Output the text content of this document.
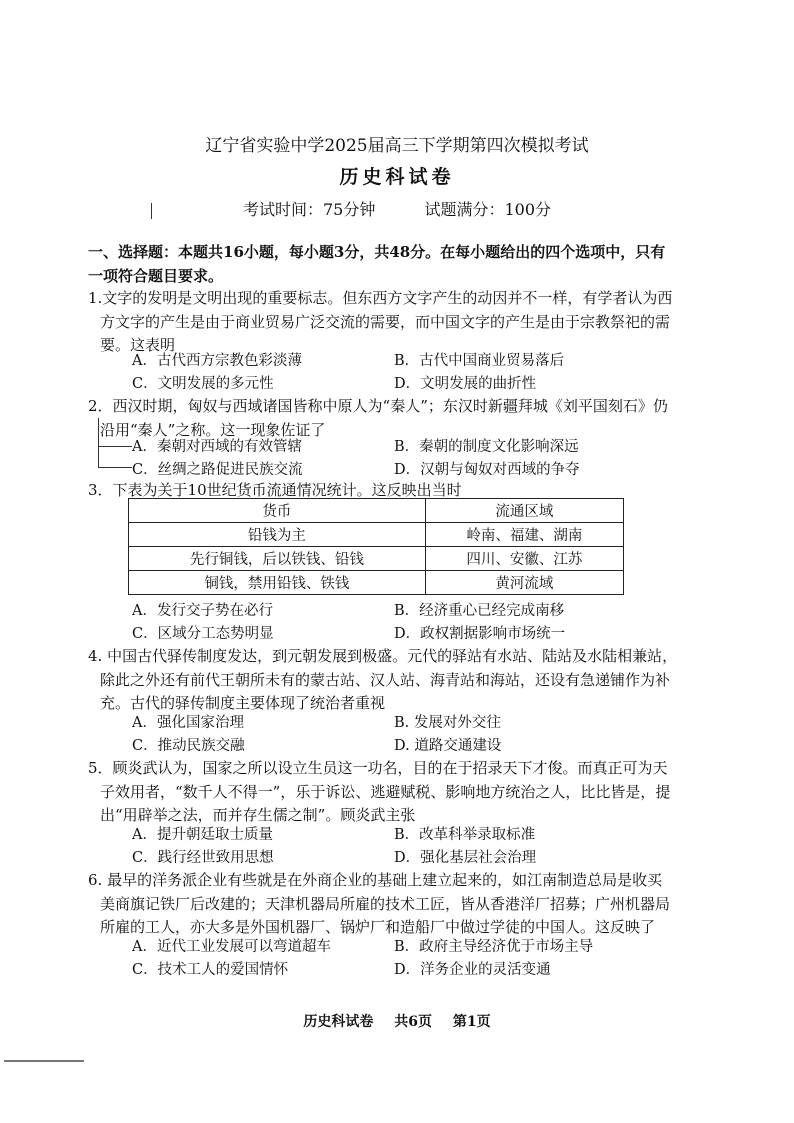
辽宁省实验中学2025届高三下学期第四次模拟考试
历史科试卷
考试时间：75分钟	试题满分：100分
一、选择题：本题共16小题，每小题3分，共48分。在每小题给出的四个选项中，只有
一项符合题目要求。
1.文字的发明是文明出现的重要标志。但东西方文字产生的动因并不一样，有学者认为西
方文字的产生是由于商业贸易广泛交流的需要，而中国文字的产生是由于宗教祭祀的需
要。这表明
A．古代西方宗教色彩淡薄	B．古代中国商业贸易落后
C．文明发展的多元性	D．文明发展的曲折性
2．西汉时期，匈奴与西域诸国皆称中原人为“秦人”；东汉时新疆拜城《刘平国刻石》仍
沿用“秦人”之称。这一现象佐证了
A．秦朝对西域的有效管辖	B．秦朝的制度文化影响深远
C．丝绸之路促进民族交流	D．汉朝与匈奴对西域的争夺
3．下表为关于10世纪货币流通情况统计。这反映出当时
货币	流通区域
铅钱为主	岭南、福建、湖南
先行铜钱，后以铁钱、铅钱	四川、安徽、江苏
铜钱，禁用铅钱、铁钱	黄河流域
A．发行交子势在必行	B．经济重心已经完成南移
C．区域分工态势明显	D．政权割据影响市场统一
4. 中国古代驿传制度发达，到元朝发展到极盛。元代的驿站有水站、陆站及水陆相兼站，
除此之外还有前代王朝所未有的蒙古站、汉人站、海青站和海站，还设有急递铺作为补
充。古代的驿传制度主要体现了统治者重视
A．强化国家治理	B. 发展对外交往
C．推动民族交融	D. 道路交通建设
5．顾炎武认为，国家之所以设立生员这一功名，目的在于招录天下才俊。而真正可为天
子效用者，“数千人不得一”，乐于诉讼、逃避赋税、影响地方统治之人，比比皆是，提
出“用辟举之法，而并存生儒之制”。顾炎武主张
A．提升朝廷取士质量	B．改革科举录取标准
C．践行经世致用思想	D．强化基层社会治理
6. 最早的洋务派企业有些就是在外商企业的基础上建立起来的，如江南制造总局是收买
美商旗记铁厂后改建的；天津机器局所雇的技术工匠，皆从香港洋厂招募；广州机器局
所雇的工人，亦大多是外国机器厂、锅炉厂和造船厂中做过学徒的中国人。这反映了
A．近代工业发展可以弯道超车	B．政府主导经济优于市场主导
C．技术工人的爱国情怀	D．洋务企业的灵活变通
历史科试卷 共6页 第1页
